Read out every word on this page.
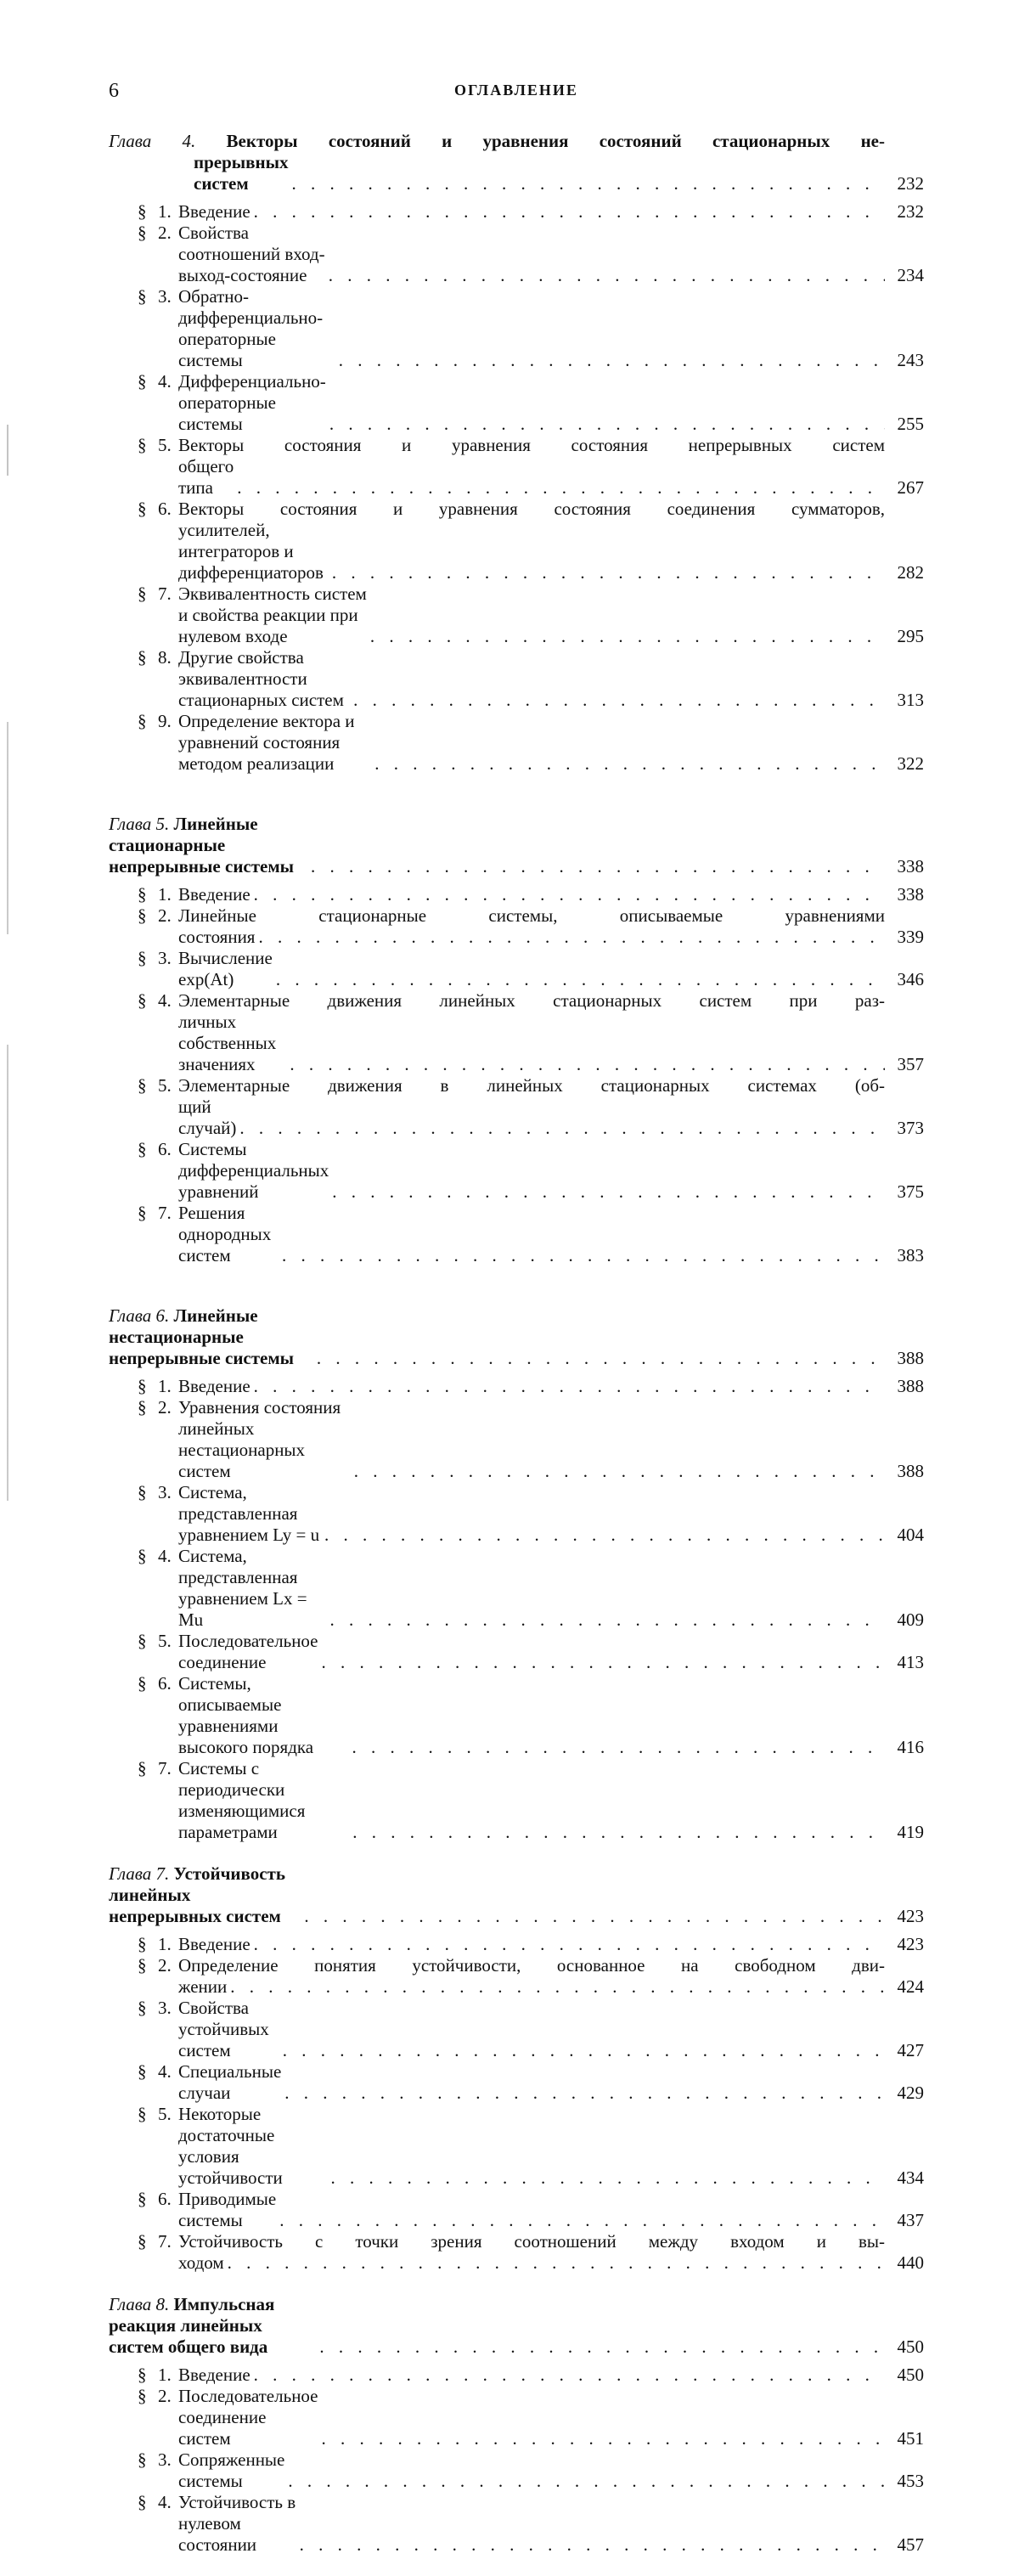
6	ОГЛАВЛЕНИЕ
Глава 4. Векторы состояний и уравнения состояний стационарных не-
прерывных систем . . .	232
§ 1. Введение . . .	232
§ 2. Свойства соотношений вход-выход-состояние . . .	234
§ 3. Обратно-дифференциально-операторные системы . . .	243
§ 4. Дифференциально-операторные системы . . .	255
§ 5. Векторы состояния и уравнения состояния непрерывных систем
общего типа . . .	267
§ 6. Векторы состояния и уравнения состояния соединения сумматоров,
усилителей, интеграторов и дифференциаторов . . .	282
§ 7. Эквивалентность систем и свойства реакции при нулевом входе . . .	295
§ 8. Другие свойства эквивалентности стационарных систем . . .	313
§ 9. Определение вектора и уравнений состояния методом реализации . . .	322
Глава 5. Линейные стационарные непрерывные системы . . .	338
§ 1. Введение . . .	338
§ 2. Линейные стационарные системы, описываемые уравнениями
состояния . . .	339
§ 3. Вычисление exp(At) . . .	346
§ 4. Элементарные движения линейных стационарных систем при раз-
личных собственных значениях . . .	357
§ 5. Элементарные движения в линейных стационарных системах (об-
щий случай) . . .	373
§ 6. Системы дифференциальных уравнений . . .	375
§ 7. Решения однородных систем . . .	383
Глава 6. Линейные нестационарные непрерывные системы . . .	388
§ 1. Введение . . .	388
§ 2. Уравнения состояния линейных нестационарных систем . . .	388
§ 3. Система, представленная уравнением Ly = u . . .	404
§ 4. Система, представленная уравнением Lx = Mu . . .	409
§ 5. Последовательное соединение . . .	413
§ 6. Системы, описываемые уравнениями высокого порядка . . .	416
§ 7. Системы с периодически изменяющимися параметрами . . .	419
Глава 7. Устойчивость линейных непрерывных систем . . .	423
§ 1. Введение . . .	423
§ 2. Определение понятия устойчивости, основанное на свободном дви-
жении . . .	424
§ 3. Свойства устойчивых систем . . .	427
§ 4. Специальные случаи . . .	429
§ 5. Некоторые достаточные условия устойчивости . . .	434
§ 6. Приводимые системы . . .	437
§ 7. Устойчивость с точки зрения соотношений между входом и вы-
ходом . . .	440
Глава 8. Импульсная реакция линейных систем общего вида . . .	450
§ 1. Введение . . .	450
§ 2. Последовательное соединение систем . . .	451
§ 3. Сопряженные системы . . .	453
§ 4. Устойчивость в нулевом состоянии . . .	457
